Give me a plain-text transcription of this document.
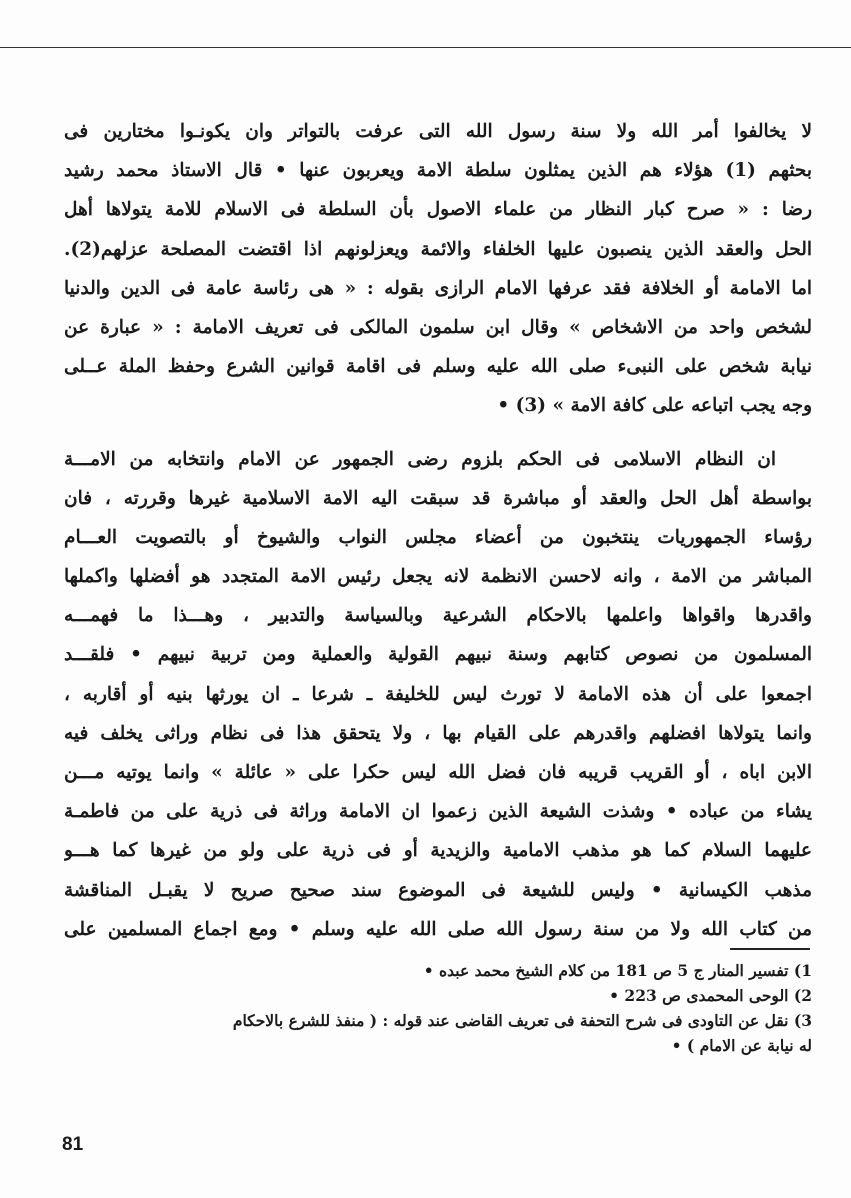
لا يخالفوا أمر الله ولا سنة رسول الله التى عرفت بالتواتر وان يكونـوا مختارين فى
بحثهم (1) هؤلاء هم الذين يمثلون سلطة الامة ويعربون عنها • قال الاستاذ محمد رشيد
رضا : « صرح كبار النظار من علماء الاصول بأن السلطة فى الاسلام للامة يتولاها أهل
الحل والعقد الذين ينصبون عليها الخلفاء والائمة ويعزلونهم اذا اقتضت المصلحة عزلهم(2).
اما الامامة أو الخلافة فقد عرفها الامام الرازى بقوله : « هى رئاسة عامة فى الدين والدنيا
لشخص واحد من الاشخاص » وقال ابن سلمون المالكى فى تعريف الامامة : « عبارة عن
نيابة شخص على النبىء صلى الله عليه وسلم فى اقامة قوانين الشرع وحفظ الملة عــلى
وجه يجب اتباعه على كافة الامة » (3) •

ان النظام الاسلامى فى الحكم بلزوم رضى الجمهور عن الامام وانتخابه من الامـــة
بواسطة أهل الحل والعقد أو مباشرة قد سبقت اليه الامة الاسلامية غيرها وقررته ، فان
رؤساء الجمهوريات ينتخبون من أعضاء مجلس النواب والشيوخ أو بالتصويت العـــام
المباشر من الامة ، وانه لاحسن الانظمة لانه يجعل رئيس الامة المتجدد هو أفضلها واكملها
واقدرها واقواها واعلمها بالاحكام الشرعية وبالسياسة والتدبير ، وهـــذا ما فهمـــه
المسلمون من نصوص كتابهم وسنة نبيهم القولية والعملية ومن تربية نبيهم • فلقـــد
اجمعوا على أن هذه الامامة لا تورث ليس للخليفة ـ شرعا ـ ان يورثها بنيه أو أقاربه ،
وانما يتولاها افضلهم واقدرهم على القيام بها ، ولا يتحقق هذا فى نظام وراثى يخلف فيه
الابن اباه ، أو القريب قريبه فان فضل الله ليس حكرا على « عائلة » وانما يوتيه مـــن
يشاء من عباده • وشذت الشيعة الذين زعموا ان الامامة وراثة فى ذرية على من فاطمـة
عليهما السلام كما هو مذهب الامامية والزيدية أو فى ذرية على ولو من غيرها كما هـــو
مذهب الكيسانية • وليس للشيعة فى الموضوع سند صحيح صريح لا يقبـل المناقشة
من كتاب الله ولا من سنة رسول الله صلى الله عليه وسلم • ومع اجماع المسلمين على

1) تفسير المنار ج 5 ص 181 من كلام الشيخ محمد عبده •

2) الوحى المحمدى ص 223 •

3) نقل عن التاودى فى شرح التحفة فى تعريف القاضى عند قوله : ( منفذ للشرع بالاحكام
له نيابة عن الامام ) •

81
